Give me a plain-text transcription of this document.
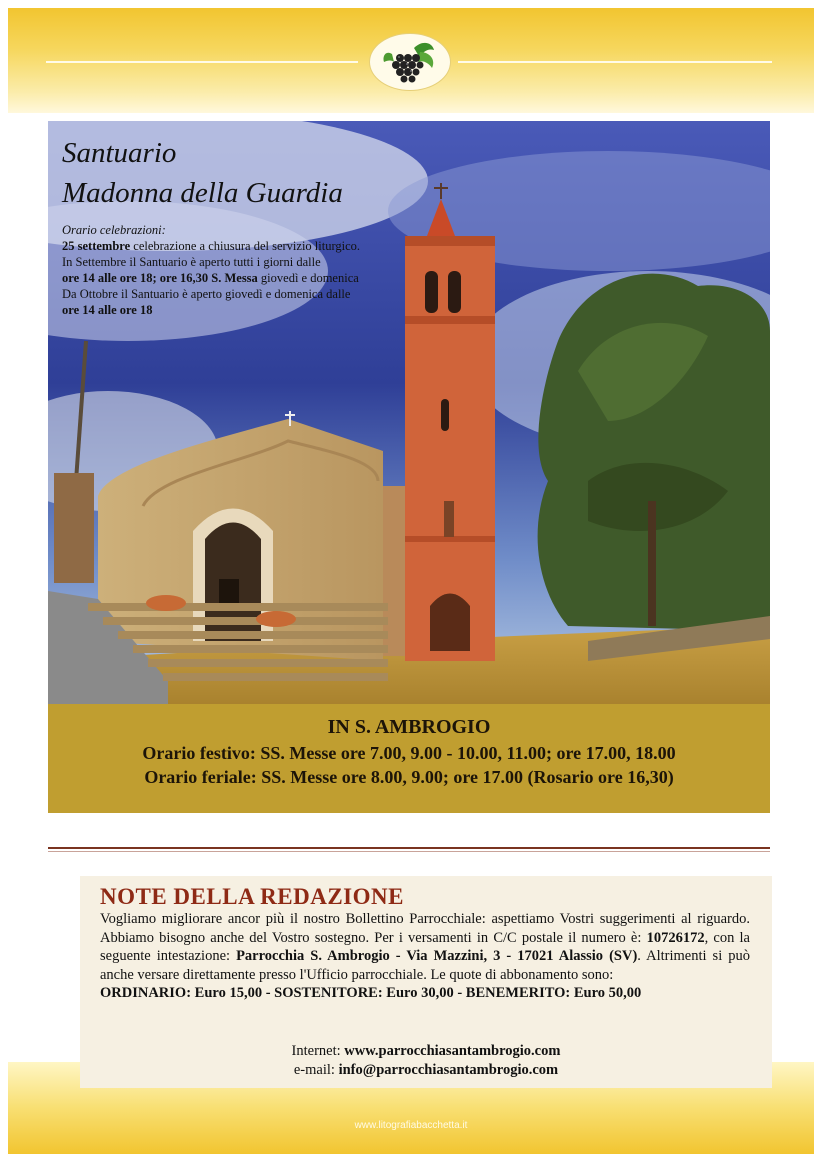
Santuario
Madonna della Guardia
Orario celebrazioni:
25 settembre celebrazione a chiusura del servizio liturgico.
In Settembre il Santuario è aperto tutti i giorni dalle
ore 14 alle ore 18; ore 16,30 S. Messa giovedì e domenica
Da Ottobre il Santuario è aperto giovedì e domenica dalle
ore 14 alle ore 18
IN S. AMBROGIO
Orario festivo: SS. Messe ore 7.00, 9.00 - 10.00, 11.00; ore 17.00, 18.00
Orario feriale: SS. Messe ore 8.00, 9.00; ore 17.00 (Rosario ore 16,30)
www.litografiabacchetta.it
NOTE DELLA REDAZIONE

Vogliamo migliorare ancor più il nostro Bollettino Parrocchiale: aspettiamo Vostri suggerimenti al riguardo. Abbiamo bisogno anche del Vostro sostegno. Per i versamenti in C/C postale il numero è: 10726172, con la seguente intestazione: Parrocchia S. Ambrogio - Via Mazzini, 3 - 17021 Alassio (SV). Altrimenti si può anche versare direttamente presso l'Ufficio parrocchiale. Le quote di abbonamento sono:

ORDINARIO: Euro 15,00 - SOSTENITORE: Euro 30,00 - BENEMERITO: Euro 50,00
Internet: www.parrocchiasantambrogio.com
e-mail: info@parrocchiasantambrogio.com
